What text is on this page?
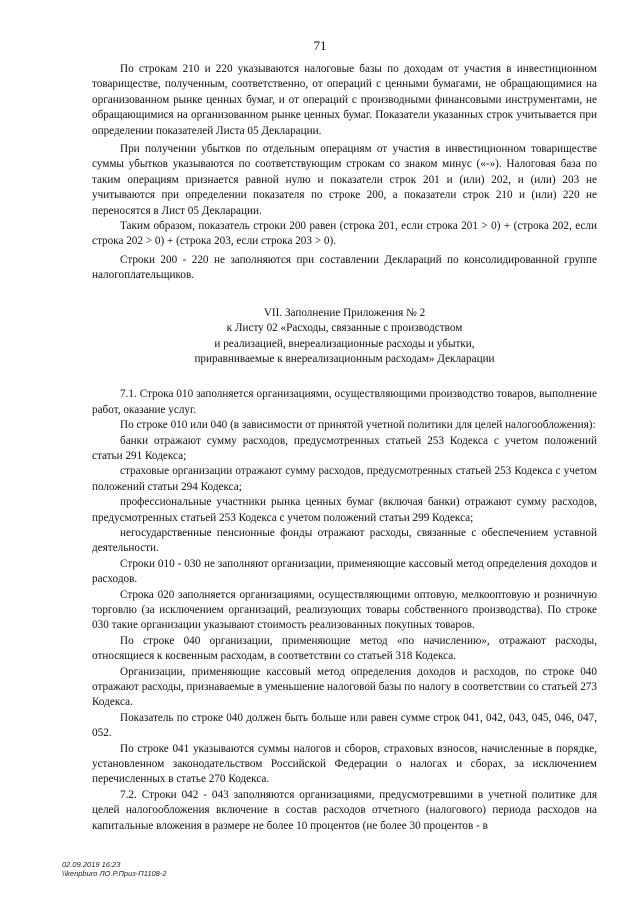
71

По строкам 210 и 220 указываются налоговые базы по доходам от участия в инвестиционном товариществе, полученным, соответственно, от операций с ценными бумагами, не обращающимися на организованном рынке ценных бумаг, и от операций с производными финансовыми инструментами, не обращающимися на организованном рынке ценных бумаг. Показатели указанных строк учитывается при определении показателей Листа 05 Декларации.

При получении убытков по отдельным операциям от участия в инвестиционном товариществе суммы убытков указываются по соответствующим строкам со знаком минус («-»). Налоговая база по таким операциям признается равной нулю и показатели строк 201 и (или) 202, и (или) 203 не учитываются при определении показателя по строке 200, а показатели строк 210 и (или) 220 не переносятся в Лист 05 Декларации.

Таким образом, показатель строки 200 равен (строка 201, если строка 201 > 0) + (строка 202, если строка 202 > 0) + (строка 203, если строка 203 > 0).

Строки 200 - 220 не заполняются при составлении Деклараций по консолидированной группе налогоплательщиков.

VII. Заполнение Приложения № 2
к Листу 02 «Расходы, связанные с производством
и реализацией, внереализационные расходы и убытки,
приравниваемые к внереализационным расходам» Декларации

7.1. Строка 010 заполняется организациями, осуществляющими производство товаров, выполнение работ, оказание услуг.

По строке 010 или 040 (в зависимости от принятой учетной политики для целей налогообложения):

банки отражают сумму расходов, предусмотренных статьей 253 Кодекса с учетом положений статьи 291 Кодекса;

страховые организации отражают сумму расходов, предусмотренных статьей 253 Кодекса с учетом положений статьи 294 Кодекса;

профессиональные участники рынка ценных бумаг (включая банки) отражают сумму расходов, предусмотренных статьей 253 Кодекса с учетом положений статьи 299 Кодекса;

негосударственные пенсионные фонды отражают расходы, связанные с обеспечением уставной деятельности.

Строки 010 - 030 не заполняют организации, применяющие кассовый метод определения доходов и расходов.

Строка 020 заполняется организациями, осуществляющими оптовую, мелкооптовую и розничную торговлю (за исключением организаций, реализующих товары собственного производства). По строке 030 такие организации указывают стоимость реализованных покупных товаров.

По строке 040 организации, применяющие метод «по начислению», отражают расходы, относящиеся к косвенным расходам, в соответствии со статьей 318 Кодекса.

Организации, применяющие кассовый метод определения доходов и расходов, по строке 040 отражают расходы, признаваемые в уменьшение налоговой базы по налогу в соответствии со статьей 273 Кодекса.

Показатель по строке 040 должен быть больше или равен сумме строк 041, 042, 043, 045, 046, 047, 052.

По строке 041 указываются суммы налогов и сборов, страховых взносов, начисленные в порядке, установленном законодательством Российской Федерации о налогах и сборах, за исключением перечисленных в статье 270 Кодекса.

7.2. Строки 042 - 043 заполняются организациями, предусмотревшими в учетной политике для целей налогообложения включение в состав расходов отчетного (налогового) периода расходов на капитальные вложения в размере не более 10 процентов (не более 30 процентов - в

02.09.2019 16:23
\\kenpburo ЛО.Р.Приз-П1108-2
